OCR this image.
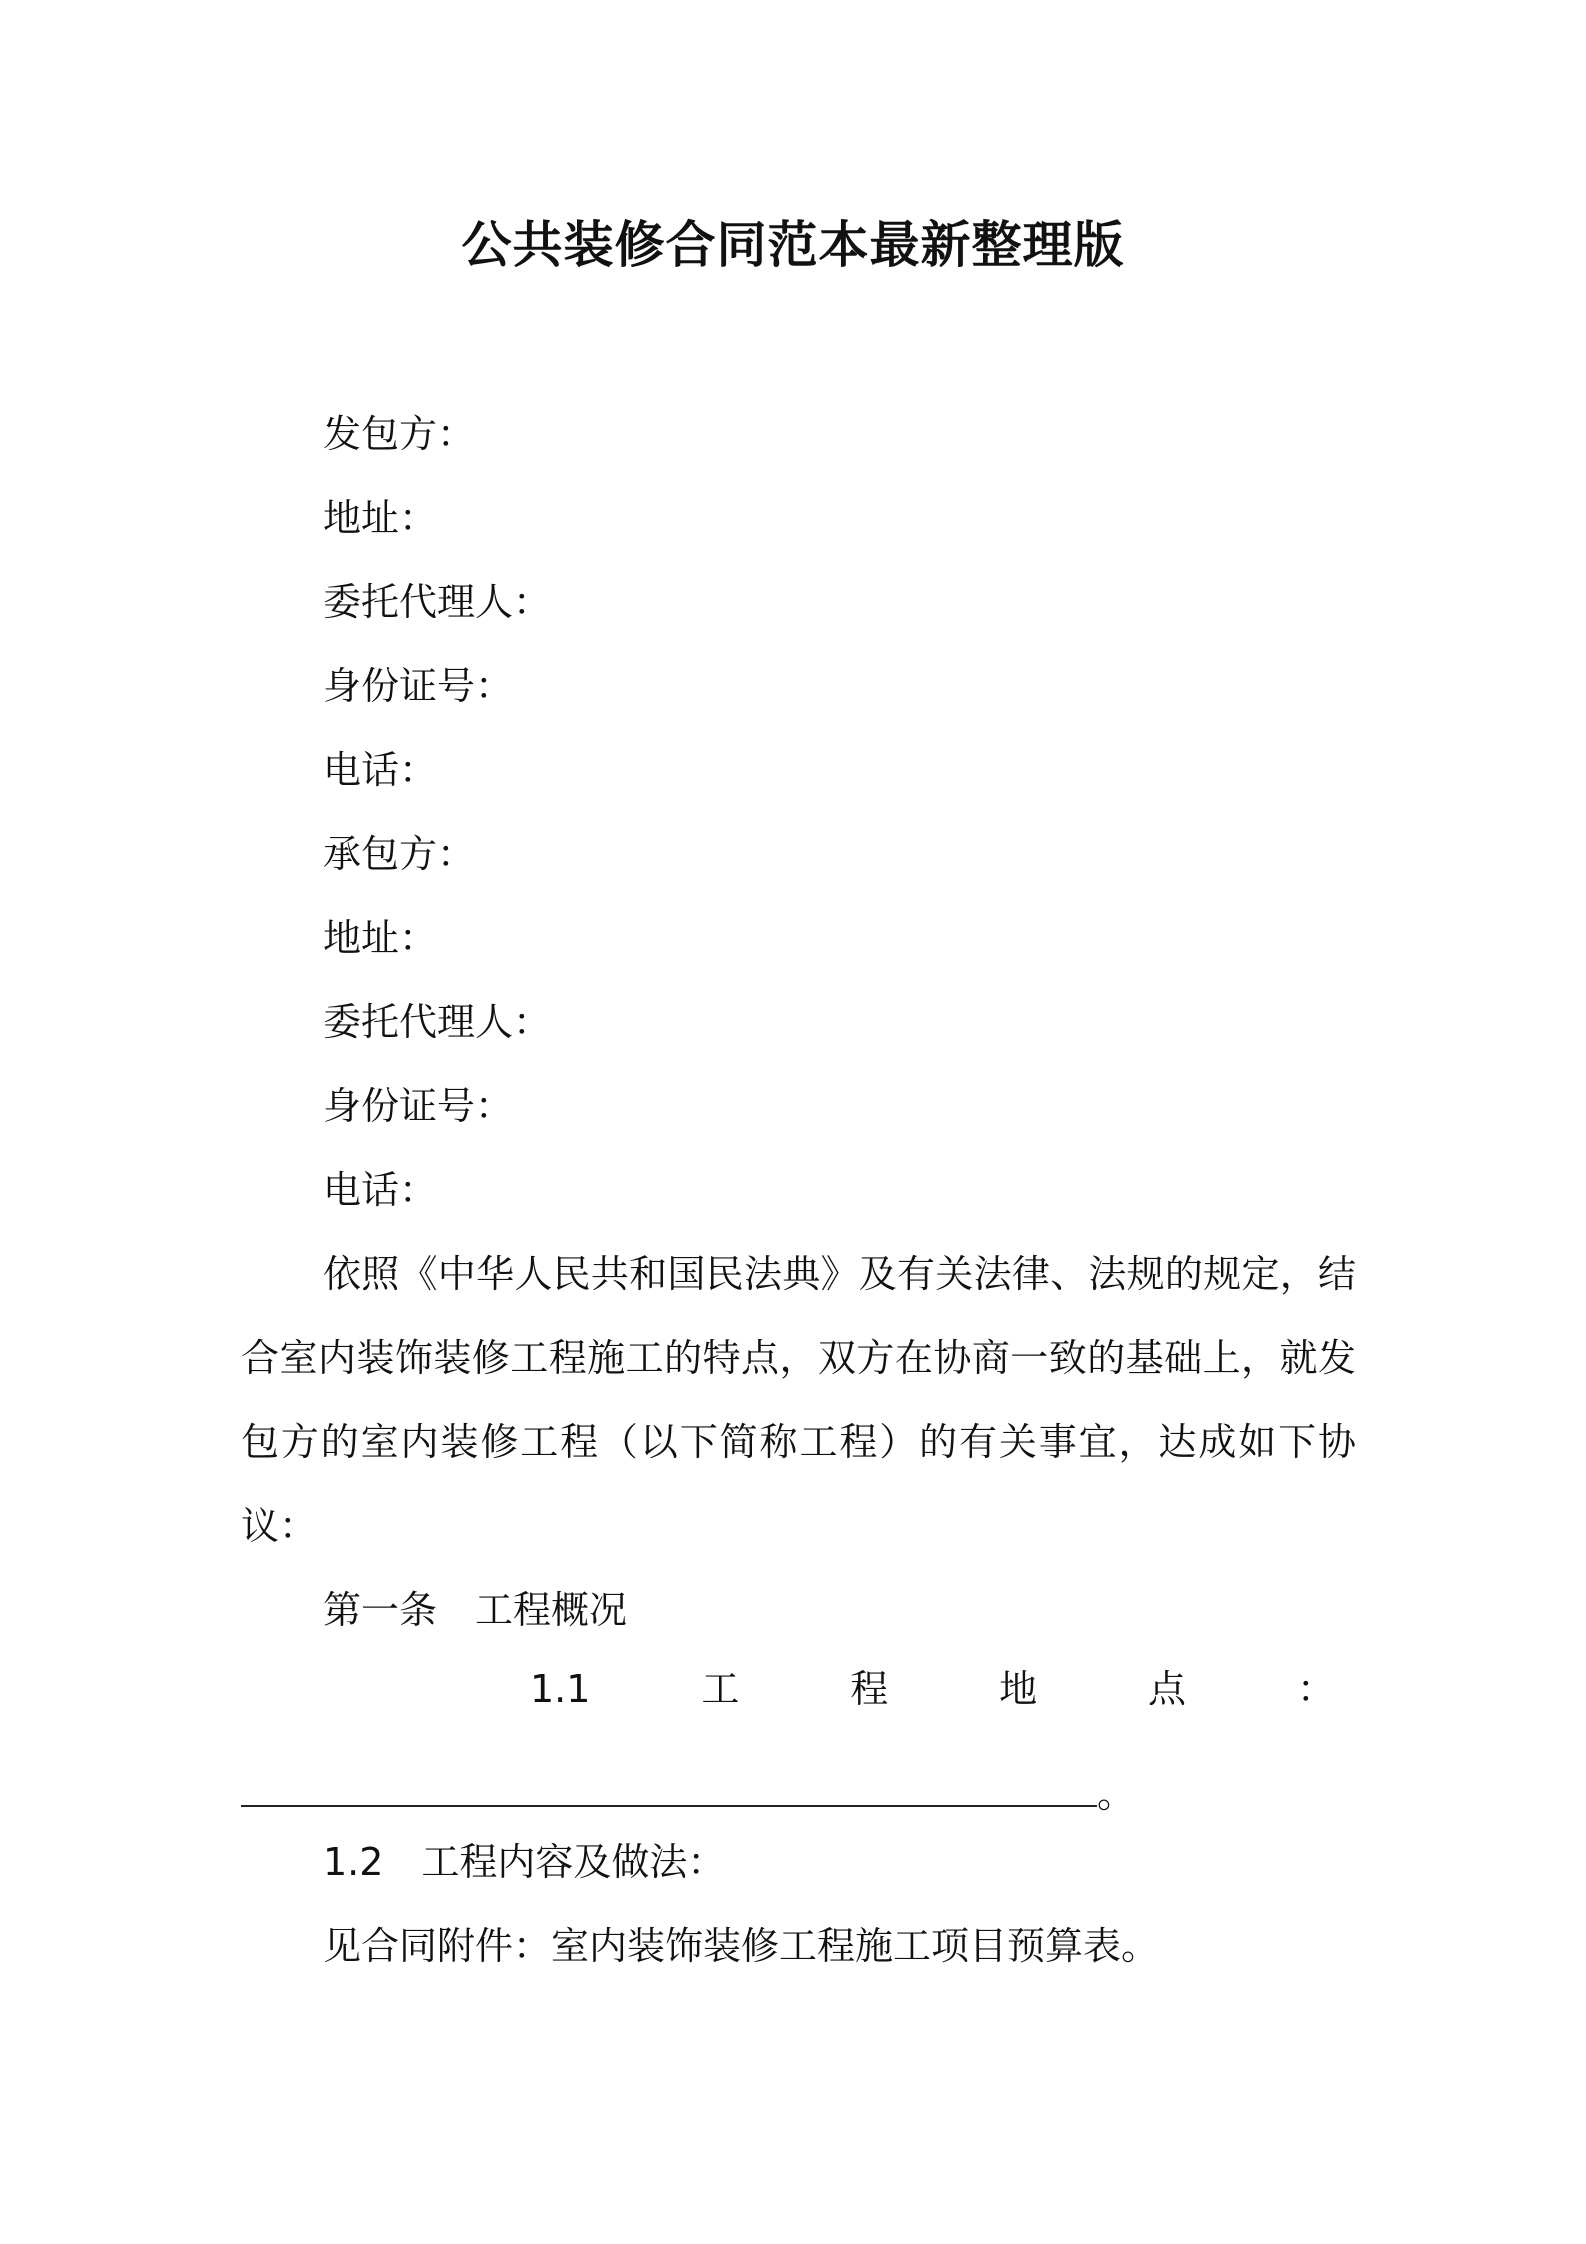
公共装修合同范本最新整理版
发包方：
地址：
委托代理人：
身份证号：
电话：
承包方：
地址：
委托代理人：
身份证号：
电话：
依照《中华人民共和国民法典》及有关法律、法规的规定，结合室内装饰装修工程施工的特点，双方在协商一致的基础上，就发包方的室内装修工程（以下简称工程）的有关事宜，达成如下协议：
第一条　工程概况
1.1	工	程	地	点	：
。
1.2　工程内容及做法：
见合同附件：室内装饰装修工程施工项目预算表。
